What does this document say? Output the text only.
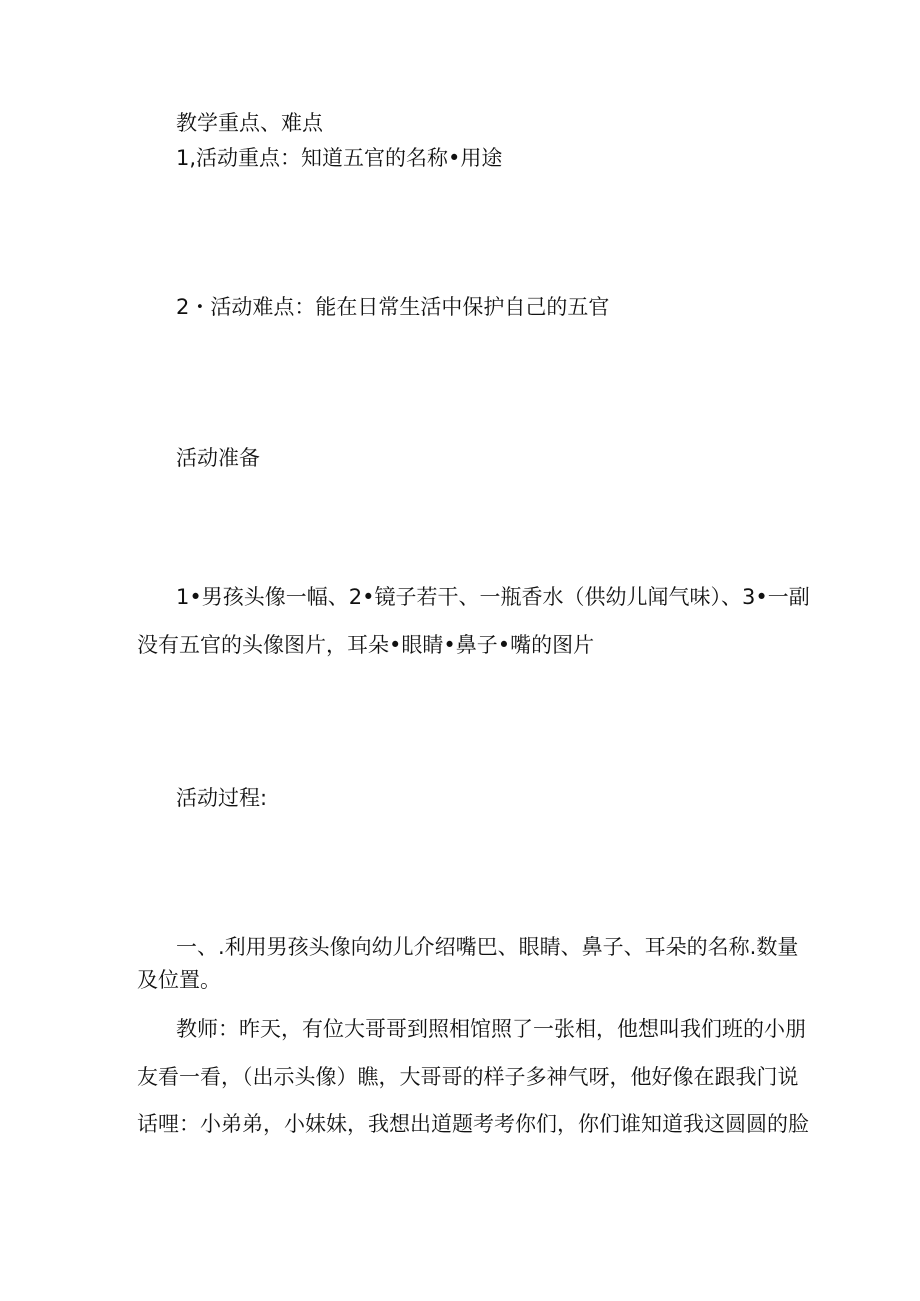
教学重点、难点
1,活动重点：知道五官的名称•用途
2・活动难点：能在日常生活中保护自己的五官
活动准备
1•男孩头像一幅、2•镜子若干、一瓶香水（供幼儿闻气味）、3•一副
没有五官的头像图片，耳朵•眼睛•鼻子•嘴的图片
活动过程:
一、.利用男孩头像向幼儿介绍嘴巴、眼睛、鼻子、耳朵的名称.数量
及位置。
教师：昨天，有位大哥哥到照相馆照了一张相，他想叫我们班的小朋
友看一看，（出示头像）瞧，大哥哥的样子多神气呀，他好像在跟我门说
话哩：小弟弟，小妹妹，我想出道题考考你们，你们谁知道我这圆圆的脸
